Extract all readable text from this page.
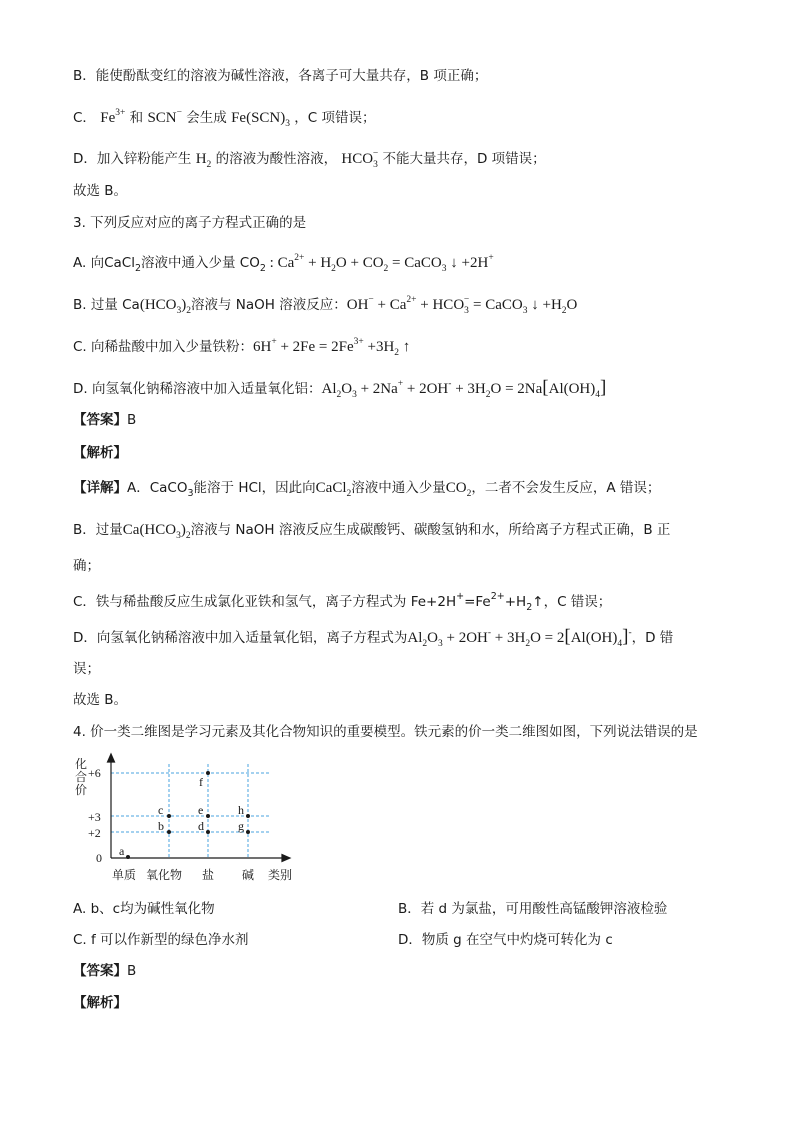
B．能使酚酞变红的溶液为碱性溶液，各离子可大量共存，B 项正确；
C． $Fe^{3+}$ 和 SCN− 会生成 $Fe(SCN)_3$ ，C 项错误；
D．加入锌粉能产生 $H_2$ 的溶液为酸性溶液， $HCO_3^-$ 不能大量共存，D 项错误；
故选 B。
3. 下列反应对应的离子方程式正确的是
A. 向CaCl$_2$溶液中通入少量 $CO_2$ : $Ca^{2+} + H_2O + CO_2$ = CaCO$_3$ ↓ +2H+
B. 过量 $Ca(HCO_3)_2$溶液与 NaOH 溶液反应：$OH^- + Ca^{2+} + HCO_3^-$ = CaCO$_3$ ↓ $+H_2O$
C. 向稀盐酸中加入少量铁粉：$6H^+ + 2Fe = 2Fe^{3+} +3H_2$ ↑
D. 向氢氧化钠稀溶液中加入适量氧化铝：$Al_2O_3 + 2Na^+ + 2OH^- + 3H_2O = 2Na[Al(OH)_4]$
【答案】B
【解析】
【详解】A．CaCO$_3$能溶于 HCl，因此向CaCl$_2$溶液中通入少量$CO_2$，二者不会发生反应，A 错误；
B．过量$Ca(HCO_3)_2$溶液与 NaOH 溶液反应生成碳酸钙、碳酸氢钠和水，所给离子方程式正确，B 正
确；
C．铁与稀盐酸反应生成氯化亚铁和氢气，离子方程式为 $Fe+2H^+=Fe^{2+}+H_2↑$，C 错误；
D．向氢氧化钠稀溶液中加入适量氧化铝，离子方程式为$Al_2O_3 + 2OH^- + 3H_2O = 2[Al(OH)_4]^-$，D 错
误；
故选 B。
4. 价一类二维图是学习元素及其化合物知识的重要模型。铁元素的价一类二维图如图，下列说法错误的是
化
合
价
+6
+3
+2
0 a
b
c
d
e
f
g
h
单质 氧化物 盐 碱 类别
A. b、c均为碱性氧化物	B．若 d 为氯盐，可用酸性高锰酸钾溶液检验
C. f 可以作新型的绿色净水剂	D．物质 g 在空气中灼烧可转化为 c
【答案】B
【解析】
